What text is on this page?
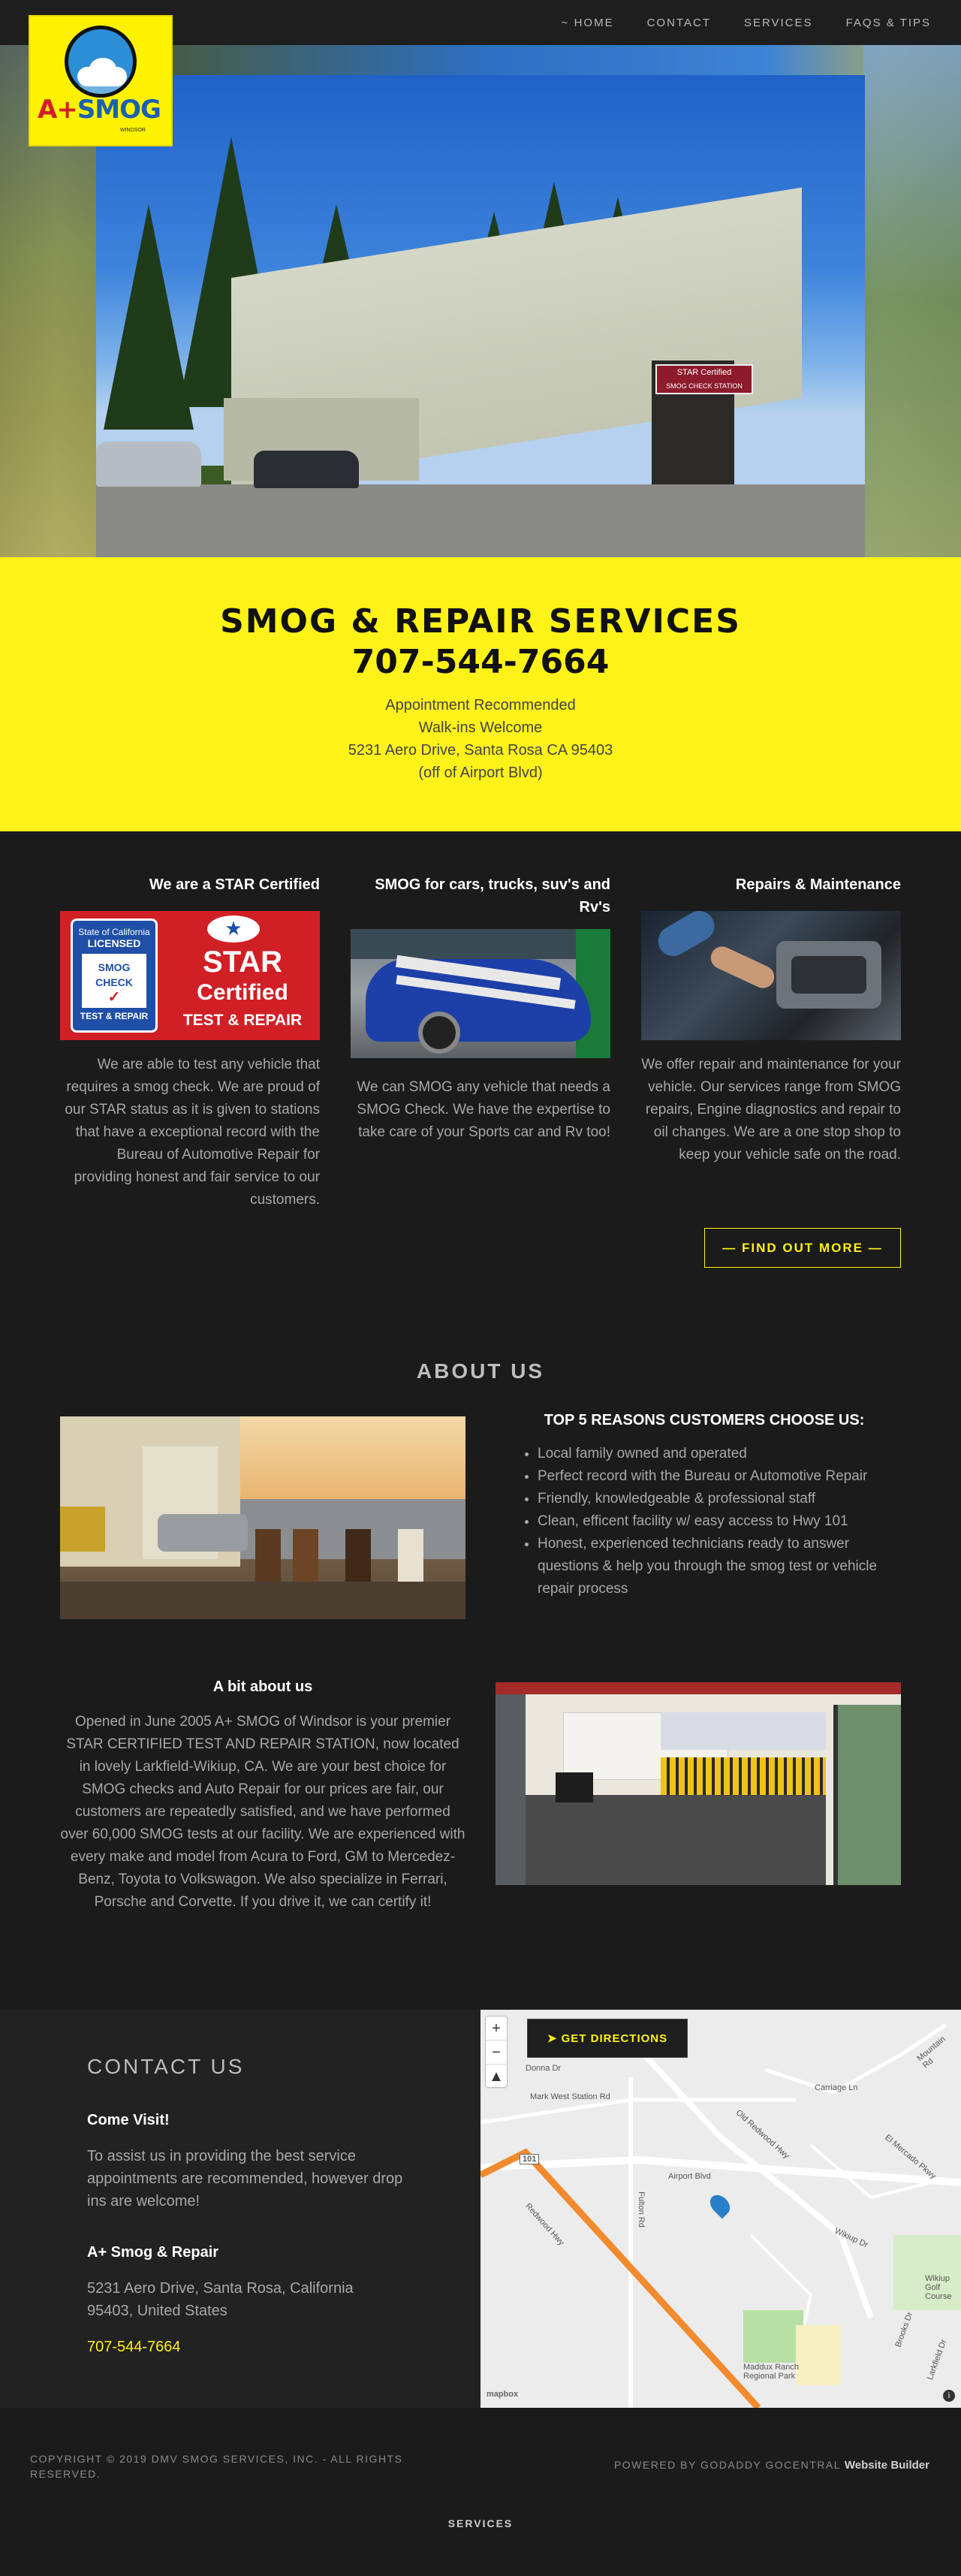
A+SMOG
WINDSOR
~ HOME	CONTACT	SERVICES	FAQS & TIPS
STAR Certified
SMOG CHECK STATION
SMOG & REPAIR SERVICES
707-544-7664
Appointment Recommended
Walk-ins Welcome
5231 Aero Drive, Santa Rosa CA 95403
(off of Airport Blvd)
We are a STAR Certified
State of California
LICENSED
SMOG
CHECK
✓
TEST & REPAIR
★
STAR
Certified
TEST & REPAIR

We are able to test any vehicle that requires a smog check. We are proud of our STAR status as it is given to stations that have a exceptional record with the Bureau of Automotive Repair for providing honest and fair service to our customers.

SMOG for cars, trucks, suv's and Rv's

We can SMOG any vehicle that needs a SMOG Check. We have the expertise to take care of your Sports car and Rv too!

Repairs & Maintenance

We offer repair and maintenance for your vehicle. Our services range from SMOG repairs, Engine diagnostics and repair to oil changes. We are a one stop shop to keep your vehicle safe on the road.

— FIND OUT MORE —
ABOUT US
TOP 5 REASONS CUSTOMERS CHOOSE US:
• Local family owned and operated
• Perfect record with the Bureau or Automotive Repair
• Friendly, knowledgeable & professional staff
• Clean, efficent facility w/ easy access to Hwy 101
• Honest, experienced technicians ready to answer questions & help you through the smog test or vehicle repair process
A bit about us

Opened in June 2005 A+ SMOG of Windsor is your premier STAR CERTIFIED TEST AND REPAIR STATION, now located in lovely Larkfield-Wikiup, CA. We are your best choice for SMOG checks and Auto Repair for our prices are fair, our customers are repeatedly satisfied, and we have performed over 60,000 SMOG tests at our facility. We are experienced with every make and model from Acura to Ford, GM to Mercedez-Benz, Toyota to Volkswagon. We also specialize in Ferrari, Porsche and Corvette. If you drive it, we can certify it!

CONTACT US
Come Visit!
To assist us in providing the best service appointments are recommended, however drop ins are welcome!
A+ Smog & Repair
5231 Aero Drive, Santa Rosa, California 95403, United States
707-544-7664
+
−
▲
➤ GET DIRECTIONS
Donna Dr
Mark West Station Rd
Old Redwood Hwy
Airport Blvd
Carriage Ln
El Mercado Pkwy
Wikiup Dr
Fulton Rd
Redwood Hwy
Maddux Ranch Regional Park
Brooks Dr
Larkfield Dr
Wikiup Golf Course
Mountain Rd
101
mapbox	i
COPYRIGHT © 2019 DMV SMOG SERVICES, INC. - ALL RIGHTS RESERVED.
POWERED BY GODADDY GOCENTRAL Website Builder
SERVICES
